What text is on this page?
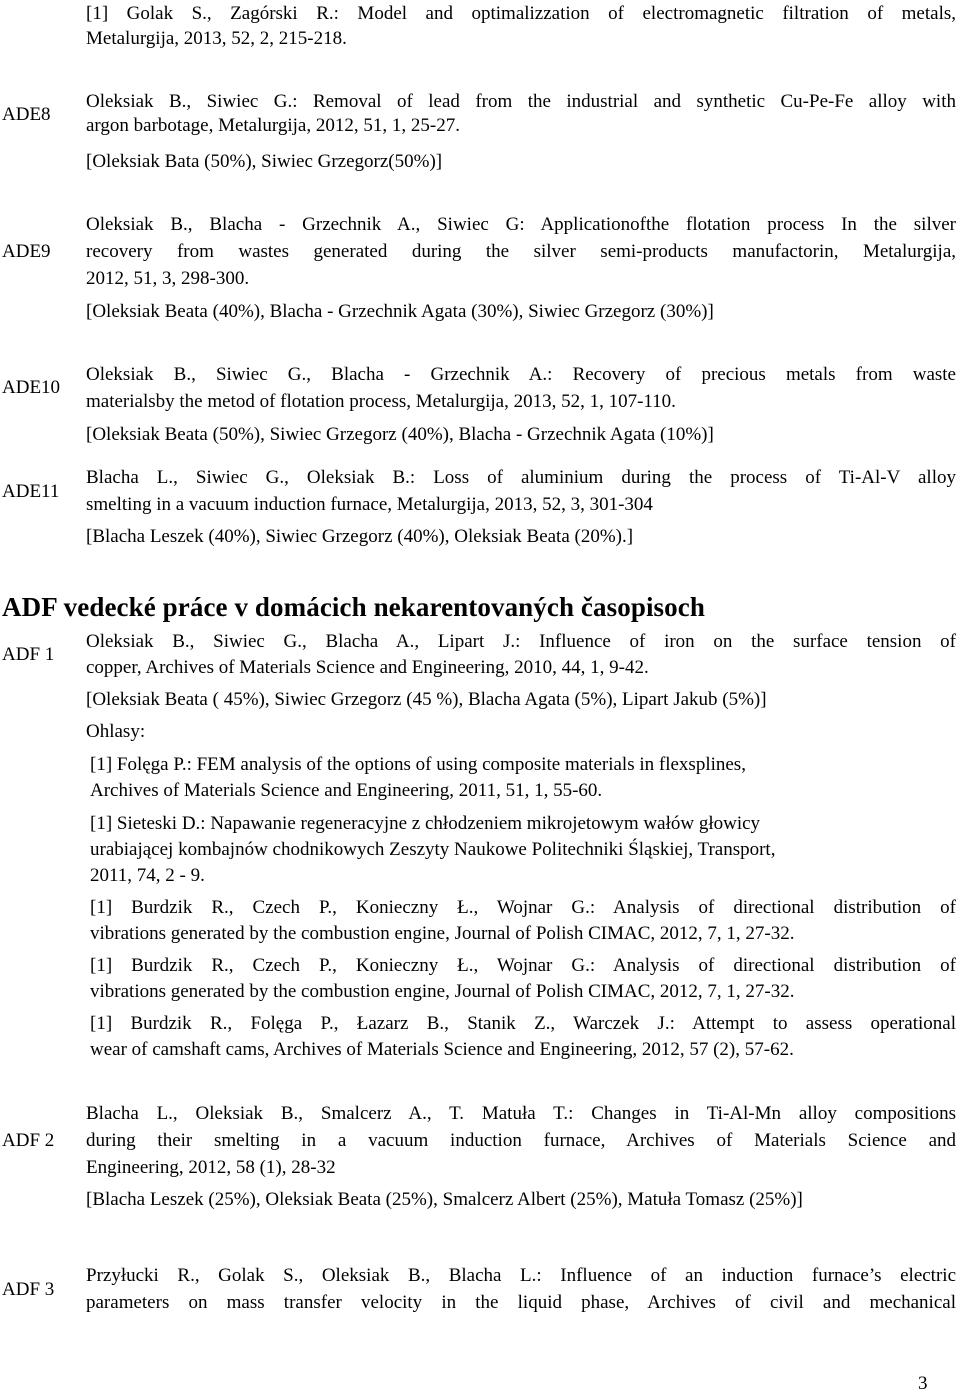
[1] Golak S., Zagórski R.: Model and optimalizzation of electromagnetic filtration of metals,
Metalurgija, 2013, 52, 2, 215-218.
ADE8
Oleksiak B., Siwiec G.: Removal of lead from the industrial and synthetic Cu-Pe-Fe alloy with
argon barbotage, Metalurgija, 2012, 51, 1, 25-27.
[Oleksiak Bata (50%), Siwiec Grzegorz(50%)]
ADE9
Oleksiak B., Blacha - Grzechnik A., Siwiec G: Applicationofthe flotation process In the silver
recovery from wastes generated during the silver semi-products manufactorin, Metalurgija,
2012, 51, 3, 298-300.
[Oleksiak Beata (40%), Blacha - Grzechnik Agata (30%), Siwiec Grzegorz (30%)]
ADE10
Oleksiak B., Siwiec G., Blacha - Grzechnik A.: Recovery of precious metals from waste
materialsby the metod of flotation process, Metalurgija, 2013, 52, 1, 107-110.
[Oleksiak Beata (50%), Siwiec Grzegorz (40%), Blacha - Grzechnik Agata (10%)]
ADE11
Blacha L., Siwiec G., Oleksiak B.: Loss of aluminium during the process of Ti-Al-V alloy
smelting in a vacuum induction furnace, Metalurgija, 2013, 52, 3, 301-304
[Blacha Leszek (40%), Siwiec Grzegorz (40%), Oleksiak Beata (20%).]
ADF vedecké práce v domácich nekarentovaných časopisoch
ADF 1
Oleksiak B., Siwiec G., Blacha A., Lipart J.: Influence of iron on the surface tension of
copper, Archives of Materials Science and Engineering, 2010, 44, 1, 9-42.
[Oleksiak Beata ( 45%), Siwiec Grzegorz (45 %), Blacha Agata (5%), Lipart Jakub (5%)]
Ohlasy:
[1] Folęga P.: FEM analysis of the options of using composite materials in flexsplines,
Archives of Materials Science and Engineering, 2011, 51, 1, 55-60.
[1] Sieteski D.: Napawanie regeneracyjne z chłodzeniem mikrojetowym wałów głowicy
urabiającej kombajnów chodnikowych Zeszyty Naukowe Politechniki Śląskiej, Transport,
2011, 74, 2 - 9.
[1] Burdzik R., Czech P., Konieczny Ł., Wojnar G.: Analysis of directional distribution of
vibrations generated by the combustion engine, Journal of Polish CIMAC, 2012, 7, 1, 27-32.
[1] Burdzik R., Czech P., Konieczny Ł., Wojnar G.: Analysis of directional distribution of
vibrations generated by the combustion engine, Journal of Polish CIMAC, 2012, 7, 1, 27-32.
[1] Burdzik R., Folęga P., Łazarz B., Stanik Z., Warczek J.: Attempt to assess operational
wear of camshaft cams, Archives of Materials Science and Engineering, 2012, 57 (2), 57-62.
ADF 2
Blacha L., Oleksiak B., Smalcerz A., T. Matuła T.: Changes in Ti-Al-Mn alloy compositions
during their smelting in a vacuum induction furnace, Archives of Materials Science and
Engineering, 2012, 58 (1), 28-32
[Blacha Leszek (25%), Oleksiak Beata (25%), Smalcerz Albert (25%), Matuła Tomasz (25%)]
ADF 3
Przyłucki R., Golak S., Oleksiak B., Blacha L.: Influence of an induction furnace’s electric
parameters on mass transfer velocity in the liquid phase, Archives of civil and mechanical
3
